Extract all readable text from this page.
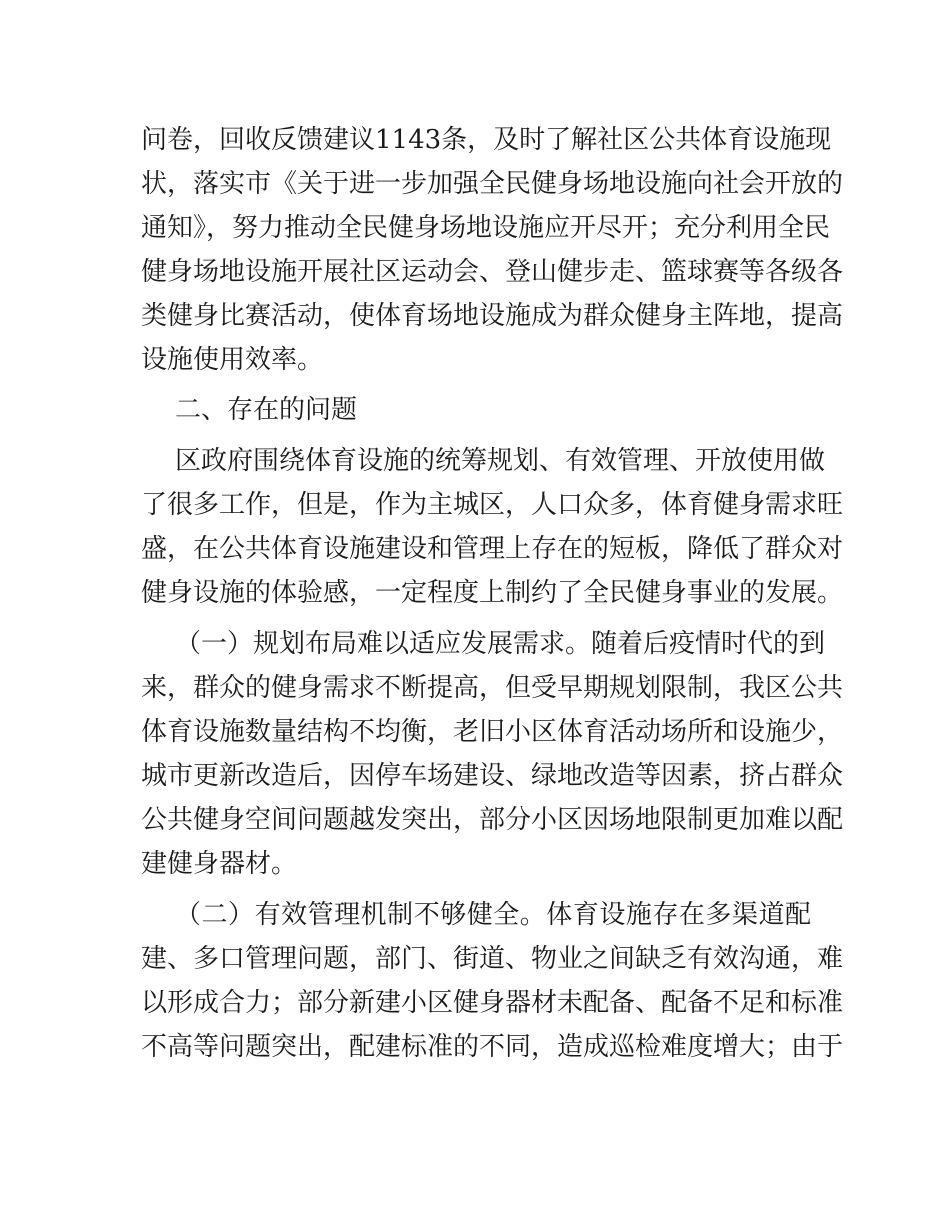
问卷，回收反馈建议1143条，及时了解社区公共体育设施现
状，落实市《关于进一步加强全民健身场地设施向社会开放的
通知》，努力推动全民健身场地设施应开尽开；充分利用全民
健身场地设施开展社区运动会、登山健步走、篮球赛等各级各
类健身比赛活动，使体育场地设施成为群众健身主阵地，提高
设施使用效率。
二、存在的问题
区政府围绕体育设施的统筹规划、有效管理、开放使用做
了很多工作，但是，作为主城区，人口众多，体育健身需求旺
盛，在公共体育设施建设和管理上存在的短板，降低了群众对
健身设施的体验感，一定程度上制约了全民健身事业的发展。
（一）规划布局难以适应发展需求。随着后疫情时代的到
来，群众的健身需求不断提高，但受早期规划限制，我区公共
体育设施数量结构不均衡，老旧小区体育活动场所和设施少，
城市更新改造后，因停车场建设、绿地改造等因素，挤占群众
公共健身空间问题越发突出，部分小区因场地限制更加难以配
建健身器材。
（二）有效管理机制不够健全。体育设施存在多渠道配
建、多口管理问题，部门、街道、物业之间缺乏有效沟通，难
以形成合力；部分新建小区健身器材未配备、配备不足和标准
不高等问题突出，配建标准的不同，造成巡检难度增大；由于
